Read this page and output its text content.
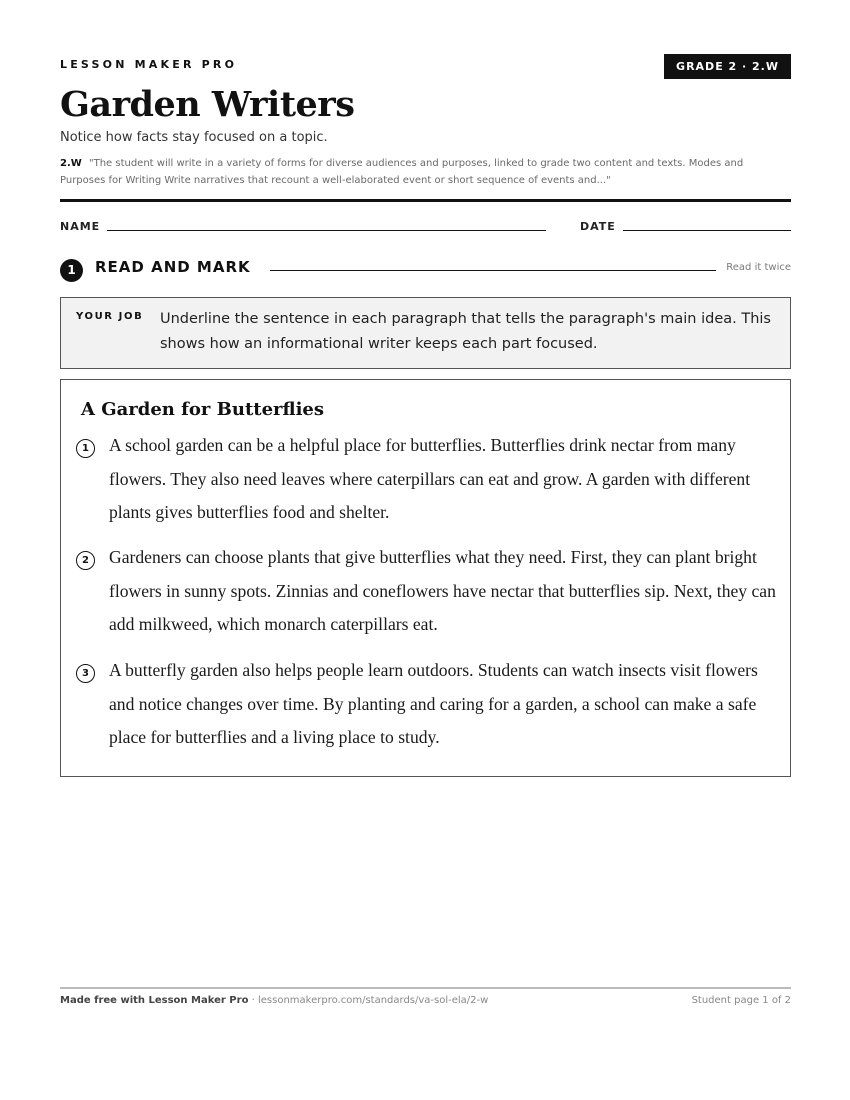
LESSON MAKER PRO	GRADE 2 · 2.W
Garden Writers
Notice how facts stay focused on a topic.
2.W "The student will write in a variety of forms for diverse audiences and purposes, linked to grade two content and texts. Modes and Purposes for Writing Write narratives that recount a well-elaborated event or short sequence of events and..."
NAME	DATE
1	READ AND MARK	Read it twice
YOUR JOB Underline the sentence in each paragraph that tells the paragraph's main idea. This shows how an informational writer keeps each part focused.
A Garden for Butterflies
1	A school garden can be a helpful place for butterflies. Butterflies drink nectar from many flowers. They also need leaves where caterpillars can eat and grow. A garden with different plants gives butterflies food and shelter.
2	Gardeners can choose plants that give butterflies what they need. First, they can plant bright flowers in sunny spots. Zinnias and coneflowers have nectar that butterflies sip. Next, they can add milkweed, which monarch caterpillars eat.
3	A butterfly garden also helps people learn outdoors. Students can watch insects visit flowers and notice changes over time. By planting and caring for a garden, a school can make a safe place for butterflies and a living place to study.
Made free with Lesson Maker Pro · lessonmakerpro.com/standards/va-sol-ela/2-w	Student page 1 of 2
